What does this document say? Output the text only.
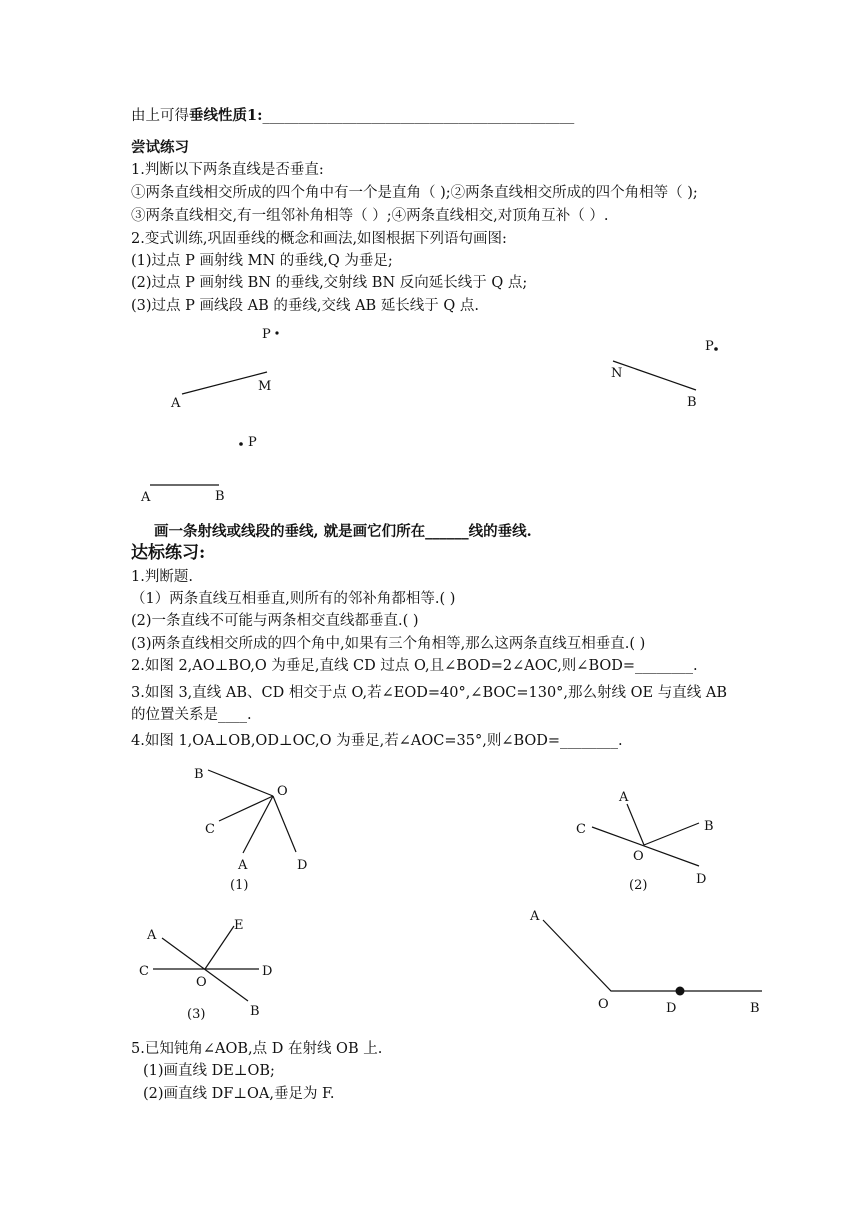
由上可得垂线性质1:___________________________________________
尝试练习
1.判断以下两条直线是否垂直:
①两条直线相交所成的四个角中有一个是直角（ );②两条直线相交所成的四个角相等（ );
③两条直线相交,有一组邻补角相等（ ）;④两条直线相交,对顶角互补（ ）.
2.变式训练,巩固垂线的概念和画法,如图根据下列语句画图:
(1)过点 P 画射线 MN 的垂线,Q 为垂足;
(2)过点 P 画射线 BN 的垂线,交射线 BN 反向延长线于 Q 点;
(3)过点 P 画线段 AB 的垂线,交线 AB 延长线于 Q 点.
画一条射线或线段的垂线, 就是画它们所在______线的垂线.
达标练习:
1.判断题.
（1）两条直线互相垂直,则所有的邻补角都相等.( )
(2)一条直线不可能与两条相交直线都垂直.( )
(3)两条直线相交所成的四个角中,如果有三个角相等,那么这两条直线互相垂直.( )
2.如图 2,AO⊥BO,O 为垂足,直线 CD 过点 O,且∠BOD=2∠AOC,则∠BOD=________.
3.如图 3,直线 AB、CD 相交于点 O,若∠EOD=40°,∠BOC=130°,那么射线 OE 与直线 AB
的位置关系是____.
4.如图 1,OA⊥OB,OD⊥OC,O 为垂足,若∠AOC=35°,则∠BOD=________.
5.已知钝角∠AOB,点 D 在射线 OB 上.
(1)画直线 DE⊥OB;
(2)画直线 DF⊥OA,垂足为 F.
P
M
A
P
N
B
P
A	B
B
O
C
A	D
(1)
A
C	B
O
D
(2)
A
E
C	D
O
B
(3)
A
O	D	B
